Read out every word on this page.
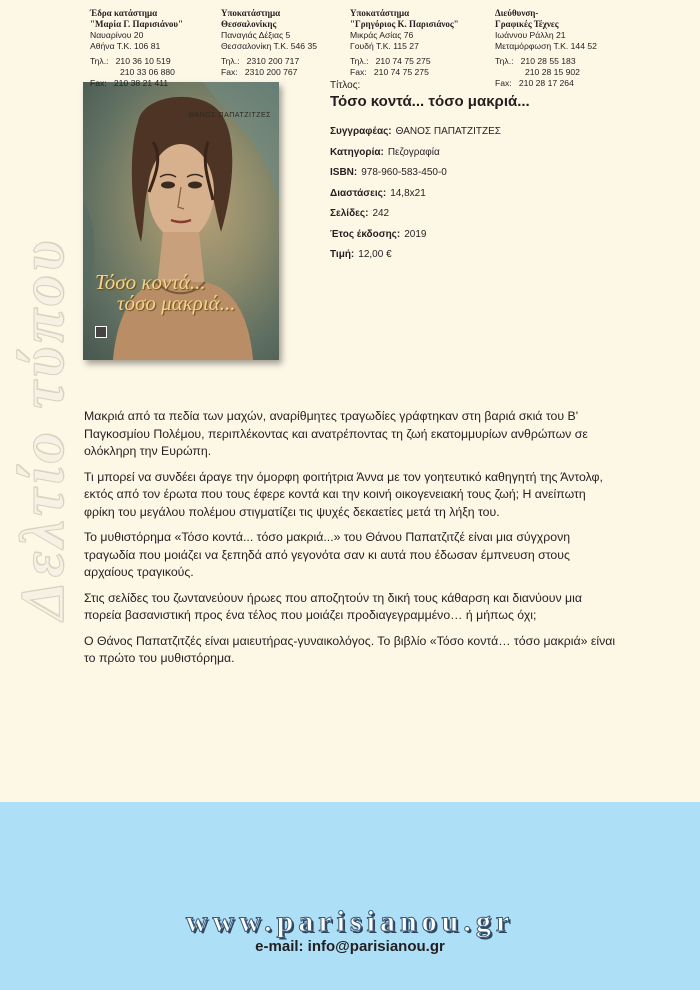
Δελτίο τύπου
ΘΑΝΟΣ ΠΑΠΑΤΖΙΤΖΕΣ
Τόσο κοντά...
τόσο μακριά...
Τίτλος:
Τόσο κοντά... τόσο μακριά...
Συγγραφέας: ΘΑΝΟΣ ΠΑΠΑΤΖΙΤΖΕΣ
Κατηγορία: Πεζογραφία
ISBN: 978-960-583-450-0
Διαστάσεις: 14,8x21
Σελίδες: 242
Έτος έκδοσης: 2019
Τιμή: 12,00 €

Μακριά από τα πεδία των μαχών, αναρίθμητες τραγωδίες γράφτηκαν στη βαριά σκιά του Β' Παγκοσμίου Πολέμου, περιπλέκοντας και ανατρέποντας τη ζωή εκατομμυρίων ανθρώπων σε ολόκληρη την Ευρώπη.

Τι μπορεί να συνδέει άραγε την όμορφη φοιτήτρια Άννα με τον γοητευτικό καθηγητή της Άντολφ, εκτός από τον έρωτα που τους έφερε κοντά και την κοινή οικογενειακή τους ζωή; Η ανείπωτη φρίκη του μεγάλου πολέμου στιγματίζει τις ψυχές δεκαετίες μετά τη λήξη του.

Το μυθιστόρημα «Τόσο κοντά... τόσο μακριά...» του Θάνου Παπατζιτζέ είναι μια σύγχρονη τραγωδία που μοιάζει να ξεπηδά από γεγονότα σαν κι αυτά που έδωσαν έμπνευση στους αρχαίους τραγικούς.

Στις σελίδες του ζωντανεύουν ήρωες που αποζητούν τη δική τους κάθαρση και διανύουν μια πορεία βασανιστική προς ένα τέλος που μοιάζει προδιαγεγραμμένο… ή μήπως όχι;

Ο Θάνος Παπατζιτζές είναι μαιευτήρας-γυναικολόγος. Το βιβλίο «Τόσο κοντά… τόσο μακριά» είναι το πρώτο του μυθιστόρημα.

Έδρα κατάστημα
"Μαρία Γ. Παρισιάνου"
Ναυαρίνου 20
Αθήνα Τ.Κ. 106 81
Τηλ.: 210 36 10 519
210 33 06 880
Fax: 210 38 21 411
Υποκατάστημα
Θεσσαλονίκης
Παναγιάς Δέξιας 5
Θεσσαλονίκη Τ.Κ. 546 35
Τηλ.: 2310 200 717
Fax: 2310 200 767
Υποκατάστημα
"Γρηγόριος Κ. Παρισιάνος"
Μικράς Ασίας 76
Γουδή Τ.Κ. 115 27
Τηλ.: 210 74 75 275
Fax: 210 74 75 275
Διεύθυνση-
Γραφικές Τέχνες
Ιωάννου Ράλλη 21
Μεταμόρφωση Τ.Κ. 144 52
Τηλ.: 210 28 55 183
210 28 15 902
Fax: 210 28 17 264
www.parisianou.gr
e-mail: info@parisianou.gr
